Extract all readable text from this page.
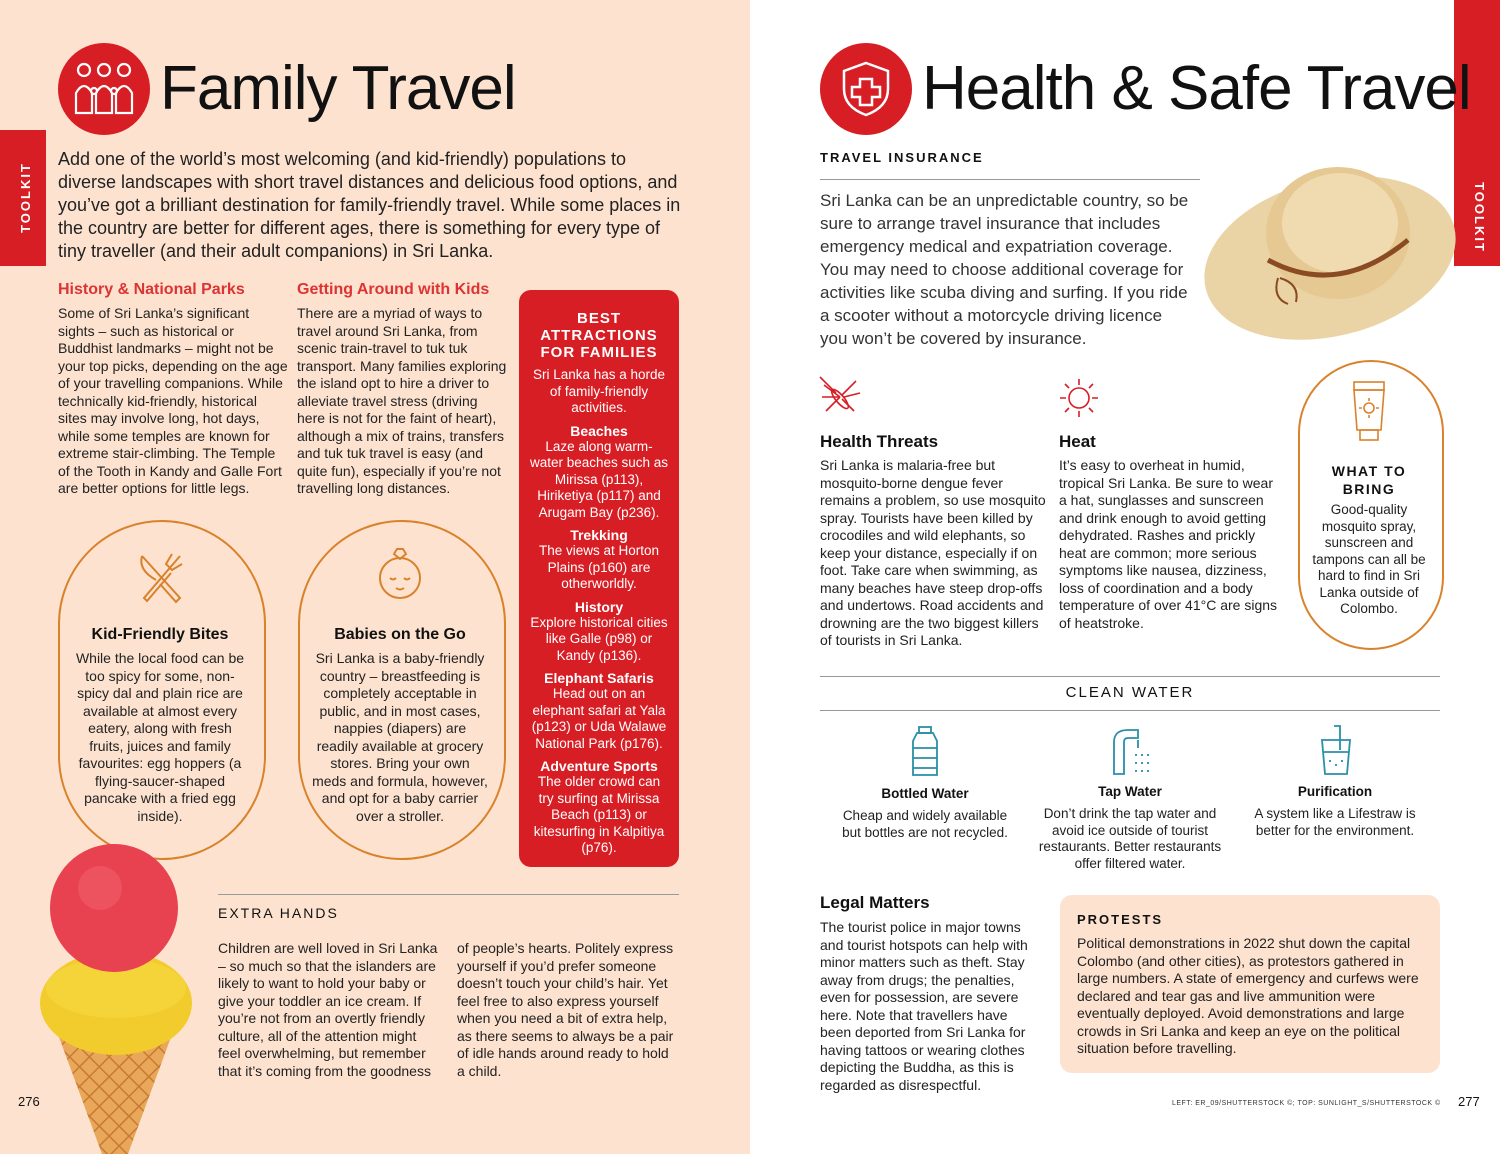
TOOLKIT
Family Travel
Add one of the world’s most welcoming (and kid-friendly) populations to diverse landscapes with short travel distances and delicious food options, and you’ve got a brilliant destination for family-friendly travel. While some places in the country are better for different ages, there is something for every type of tiny traveller (and their adult companions) in Sri Lanka.
History & National Parks
Some of Sri Lanka’s significant sights – such as historical or Buddhist landmarks – might not be your top picks, depending on the age of your travelling companions. While technically kid-friendly, historical sites may involve long, hot days, while some temples are known for extreme stair-climbing. The Temple of the Tooth in Kandy and Galle Fort are better options for little legs.
Getting Around with Kids
There are a myriad of ways to travel around Sri Lanka, from scenic train-travel to tuk tuk transport. Many families exploring the island opt to hire a driver to alleviate travel stress (driving here is not for the faint of heart), although a mix of trains, transfers and tuk tuk travel is easy (and quite fun), especially if you’re not travelling long distances.
BEST
ATTRACTIONS
FOR FAMILIES
Sri Lanka has a horde of family-friendly activities.
Beaches
Laze along warm-water beaches such as Mirissa (p113), Hiriketiya (p117) and Arugam Bay (p236).
Trekking
The views at Horton Plains (p160) are otherworldly.
History
Explore historical cities like Galle (p98) or Kandy (p136).
Elephant Safaris
Head out on an elephant safari at Yala (p123) or Uda Walawe National Park (p176).
Adventure Sports
The older crowd can try surfing at Mirissa Beach (p113) or kitesurfing in Kalpitiya (p76).
Kid-Friendly Bites
While the local food can be too spicy for some, non-spicy dal and plain rice are available at almost every eatery, along with fresh fruits, juices and family favourites: egg hoppers (a flying-saucer-shaped pancake with a fried egg inside).
Babies on the Go
Sri Lanka is a baby-friendly country – breastfeeding is completely acceptable in public, and in most cases, nappies (diapers) are readily available at grocery stores. Bring your own meds and formula, however, and opt for a baby carrier over a stroller.
EXTRA HANDS
Children are well loved in Sri Lanka – so much so that the islanders are likely to want to hold your baby or give your toddler an ice cream. If you’re not from an overtly friendly culture, all of the attention might feel overwhelming, but remember that it’s coming from the goodness
of people’s hearts. Politely express yourself if you’d prefer someone doesn’t touch your child’s hair. Yet feel free to also express yourself when you need a bit of extra help, as there seems to always be a pair of idle hands around ready to hold a child.
276
TOOLKIT
Health & Safe Travel
TRAVEL INSURANCE
Sri Lanka can be an unpredictable country, so be sure to arrange travel insurance that includes emergency medical and expatriation coverage. You may need to choose additional coverage for activities like scuba diving and surfing. If you ride a scooter without a motorcycle driving licence you won’t be covered by insurance.
Health Threats
Sri Lanka is malaria-free but mosquito-borne dengue fever remains a problem, so use mosquito spray. Tourists have been killed by crocodiles and wild elephants, so keep your distance, especially if on foot. Take care when swimming, as many beaches have steep drop-offs and undertows. Road accidents and drowning are the two biggest killers of tourists in Sri Lanka.
Heat
It’s easy to overheat in humid, tropical Sri Lanka. Be sure to wear a hat, sunglasses and sunscreen and drink enough to avoid getting dehydrated. Rashes and prickly heat are common; more serious symptoms like nausea, dizziness, loss of coordination and a body temperature of over 41°C are signs of heatstroke.
WHAT TO
BRING
Good-quality mosquito spray, sunscreen and tampons can all be hard to find in Sri Lanka outside of Colombo.
CLEAN WATER
Bottled Water
Cheap and widely available but bottles are not recycled.
Tap Water
Don’t drink the tap water and avoid ice outside of tourist restaurants. Better restaurants offer filtered water.
Purification
A system like a Lifestraw is better for the environment.
Legal Matters
The tourist police in major towns and tourist hotspots can help with minor matters such as theft. Stay away from drugs; the penalties, even for possession, are severe here. Note that travellers have been deported from Sri Lanka for having tattoos or wearing clothes depicting the Buddha, as this is regarded as disrespectful.
PROTESTS
Political demonstrations in 2022 shut down the capital Colombo (and other cities), as protestors gathered in large numbers. A state of emergency and curfews were declared and tear gas and live ammunition were eventually deployed. Avoid demonstrations and large crowds in Sri Lanka and keep an eye on the political situation before travelling.
LEFT: ER_09/SHUTTERSTOCK ©; TOP: SUNLIGHT_S/SHUTTERSTOCK © 277
